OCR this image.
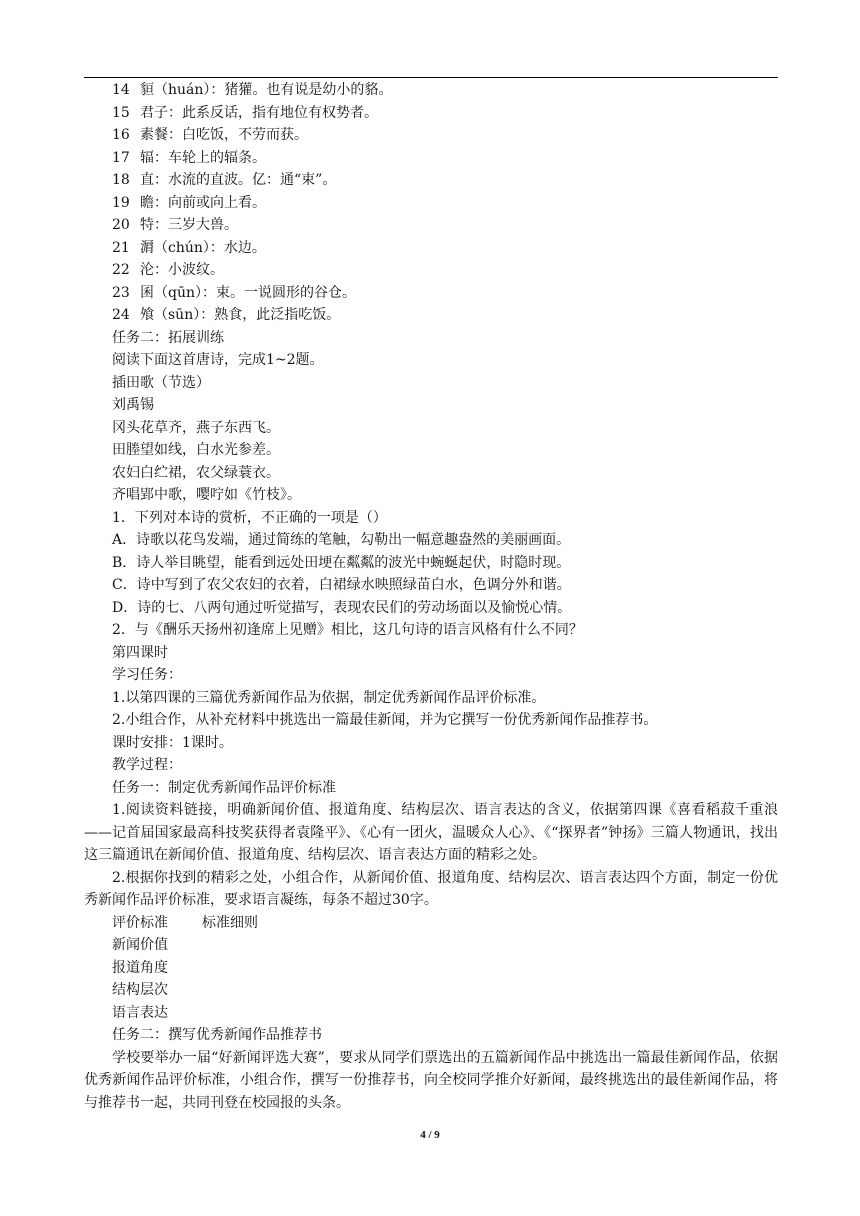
14 貆（huán）：猪獾。也有说是幼小的貉。
15 君子：此系反话，指有地位有权势者。
16 素餐：白吃饭，不劳而获。
17 辐：车轮上的辐条。
18 直：水流的直波。亿：通“束”。
19 瞻：向前或向上看。
20 特：三岁大兽。
21 漘（chún）：水边。
22 沦：小波纹。
23 囷（qūn）：束。一说圆形的谷仓。
24 飧（sūn）：熟食，此泛指吃饭。
任务二：拓展训练
阅读下面这首唐诗，完成1~2题。
插田歌（节选）
刘禹锡
冈头花草齐，燕子东西飞。
田塍望如线，白水光参差。
农妇白纻裙，农父绿蓑衣。
齐唱郢中歌，嘤咛如《竹枝》。
1．下列对本诗的赏析，不正确的一项是（）
A．诗歌以花鸟发端，通过简练的笔触，勾勒出一幅意趣盎然的美丽画面。
B．诗人举目眺望，能看到远处田埂在粼粼的波光中蜿蜒起伏，时隐时现。
C．诗中写到了农父农妇的衣着，白裙绿水映照绿苗白水，色调分外和谐。
D．诗的七、八两句通过听觉描写，表现农民们的劳动场面以及愉悦心情。
2．与《酬乐天扬州初逢席上见赠》相比，这几句诗的语言风格有什么不同？
第四课时
学习任务：
1.以第四课的三篇优秀新闻作品为依据，制定优秀新闻作品评价标准。
2.小组合作，从补充材料中挑选出一篇最佳新闻，并为它撰写一份优秀新闻作品推荐书。
课时安排：1课时。
教学过程：
任务一：制定优秀新闻作品评价标准
1.阅读资料链接，明确新闻价值、报道角度、结构层次、语言表达的含义，依据第四课《喜看稻菽千重浪——记首届国家最高科技奖获得者袁隆平》、《心有一团火，温暖众人心》、《“探界者”钟扬》三篇人物通讯，找出这三篇通讯在新闻价值、报道角度、结构层次、语言表达方面的精彩之处。
2.根据你找到的精彩之处，小组合作，从新闻价值、报道角度、结构层次、语言表达四个方面，制定一份优秀新闻作品评价标准，要求语言凝练，每条不超过30字。
评价标准 标准细则
新闻价值
报道角度
结构层次
语言表达
任务二：撰写优秀新闻作品推荐书
学校要举办一届“好新闻评选大赛”，要求从同学们票选出的五篇新闻作品中挑选出一篇最佳新闻作品，依据优秀新闻作品评价标准，小组合作，撰写一份推荐书，向全校同学推介好新闻，最终挑选出的最佳新闻作品，将与推荐书一起，共同刊登在校园报的头条。
4 / 9
